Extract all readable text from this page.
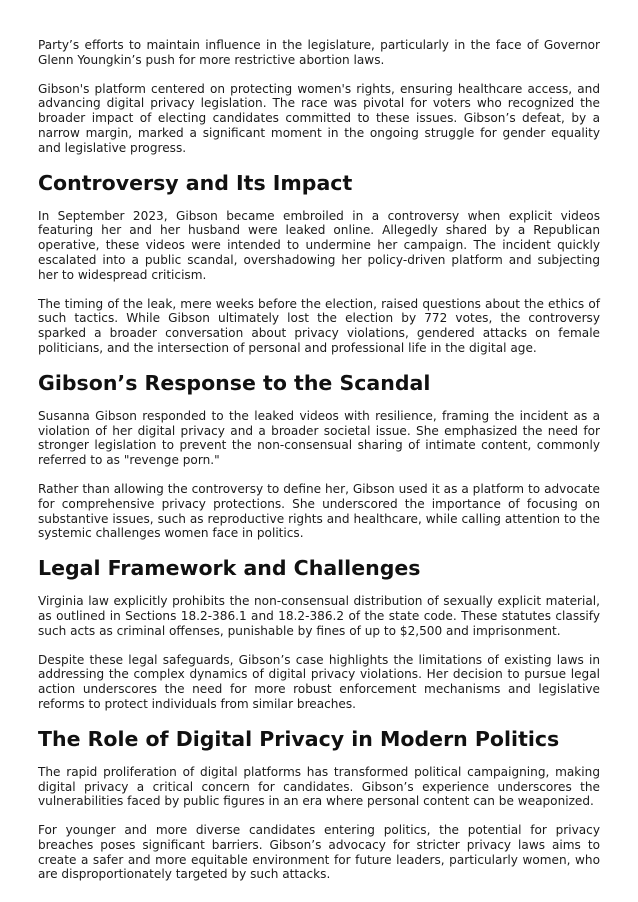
Party’s efforts to maintain influence in the legislature, particularly in the face of Governor Glenn Youngkin’s push for more restrictive abortion laws.

Gibson's platform centered on protecting women's rights, ensuring healthcare access, and advancing digital privacy legislation. The race was pivotal for voters who recognized the broader impact of electing candidates committed to these issues. Gibson’s defeat, by a narrow margin, marked a significant moment in the ongoing struggle for gender equality and legislative progress.

Controversy and Its Impact

In September 2023, Gibson became embroiled in a controversy when explicit videos featuring her and her husband were leaked online. Allegedly shared by a Republican operative, these videos were intended to undermine her campaign. The incident quickly escalated into a public scandal, overshadowing her policy-driven platform and subjecting her to widespread criticism.

The timing of the leak, mere weeks before the election, raised questions about the ethics of such tactics. While Gibson ultimately lost the election by 772 votes, the controversy sparked a broader conversation about privacy violations, gendered attacks on female politicians, and the intersection of personal and professional life in the digital age.

Gibson’s Response to the Scandal

Susanna Gibson responded to the leaked videos with resilience, framing the incident as a violation of her digital privacy and a broader societal issue. She emphasized the need for stronger legislation to prevent the non-consensual sharing of intimate content, commonly referred to as "revenge porn."

Rather than allowing the controversy to define her, Gibson used it as a platform to advocate for comprehensive privacy protections. She underscored the importance of focusing on substantive issues, such as reproductive rights and healthcare, while calling attention to the systemic challenges women face in politics.

Legal Framework and Challenges

Virginia law explicitly prohibits the non-consensual distribution of sexually explicit material, as outlined in Sections 18.2-386.1 and 18.2-386.2 of the state code. These statutes classify such acts as criminal offenses, punishable by fines of up to $2,500 and imprisonment.

Despite these legal safeguards, Gibson’s case highlights the limitations of existing laws in addressing the complex dynamics of digital privacy violations. Her decision to pursue legal action underscores the need for more robust enforcement mechanisms and legislative reforms to protect individuals from similar breaches.

The Role of Digital Privacy in Modern Politics

The rapid proliferation of digital platforms has transformed political campaigning, making digital privacy a critical concern for candidates. Gibson’s experience underscores the vulnerabilities faced by public figures in an era where personal content can be weaponized.

For younger and more diverse candidates entering politics, the potential for privacy breaches poses significant barriers. Gibson’s advocacy for stricter privacy laws aims to create a safer and more equitable environment for future leaders, particularly women, who are disproportionately targeted by such attacks.
